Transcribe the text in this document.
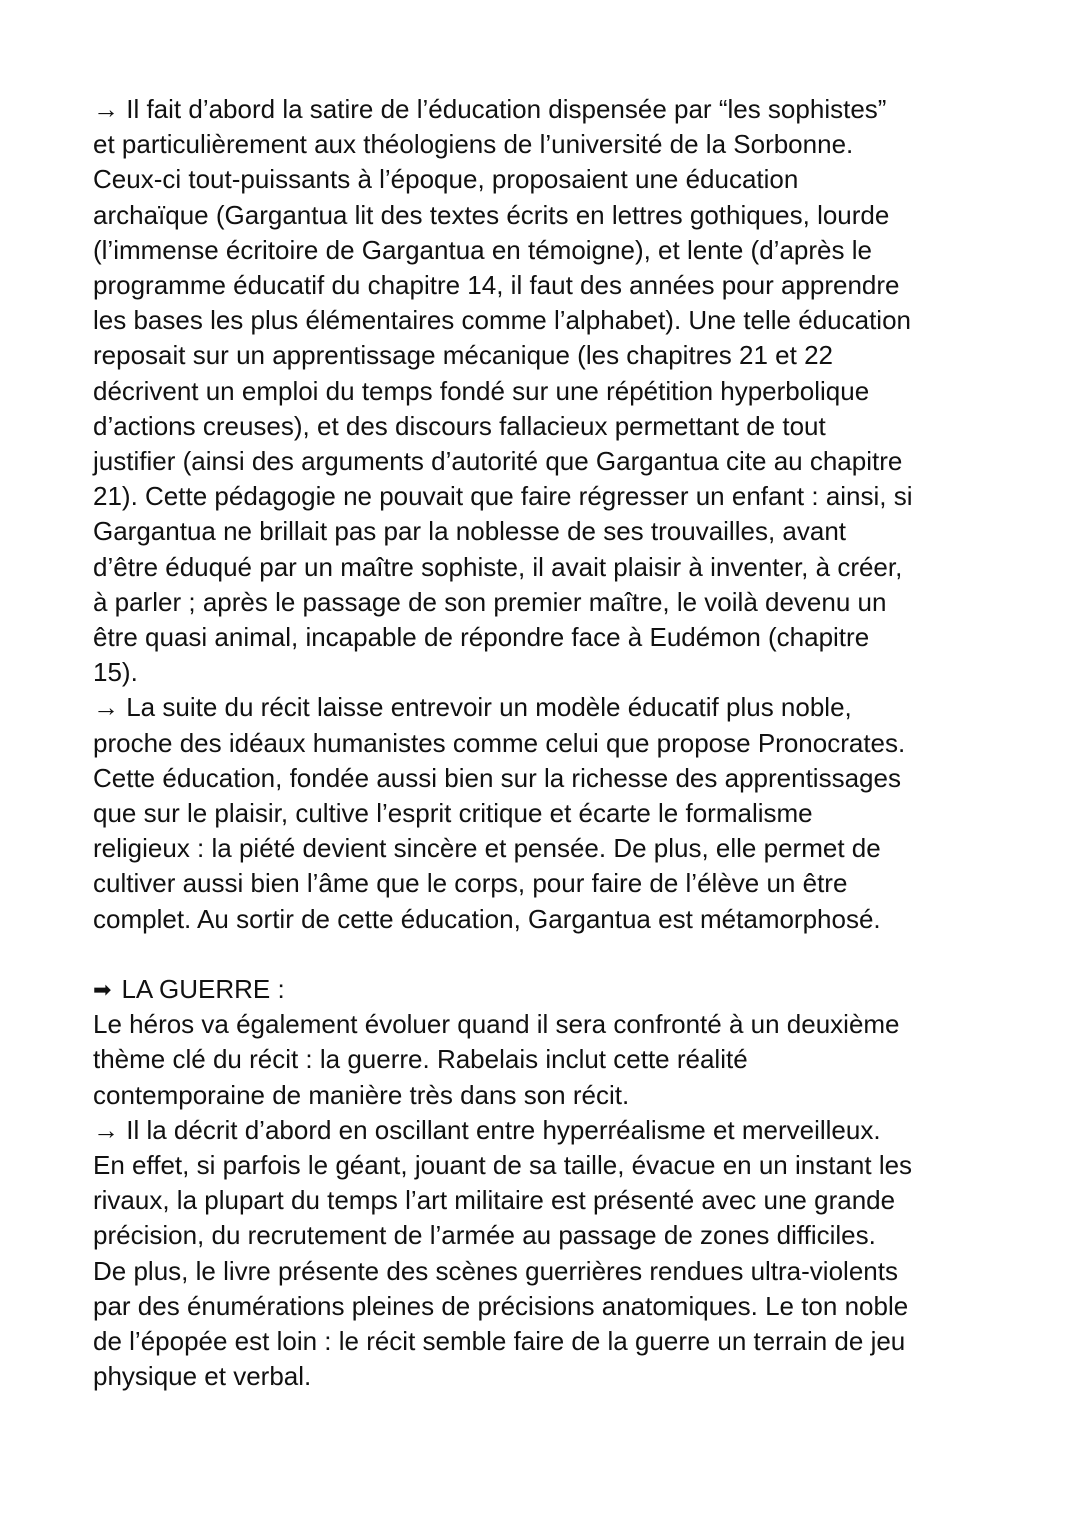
→ Il fait d’abord la satire de l’éducation dispensée par “les sophistes”
et particulièrement aux théologiens de l’université de la Sorbonne.
Ceux-ci tout-puissants à l’époque, proposaient une éducation
archaïque (Gargantua lit des textes écrits en lettres gothiques, lourde
(l’immense écritoire de Gargantua en témoigne), et lente (d’après le
programme éducatif du chapitre 14, il faut des années pour apprendre
les bases les plus élémentaires comme l’alphabet). Une telle éducation
reposait sur un apprentissage mécanique (les chapitres 21 et 22
décrivent un emploi du temps fondé sur une répétition hyperbolique
d’actions creuses), et des discours fallacieux permettant de tout
justifier (ainsi des arguments d’autorité que Gargantua cite au chapitre
21). Cette pédagogie ne pouvait que faire régresser un enfant : ainsi, si
Gargantua ne brillait pas par la noblesse de ses trouvailles, avant
d’être éduqué par un maître sophiste, il avait plaisir à inventer, à créer,
à parler ; après le passage de son premier maître, le voilà devenu un
être quasi animal, incapable de répondre face à Eudémon (chapitre
15).
→ La suite du récit laisse entrevoir un modèle éducatif plus noble,
proche des idéaux humanistes comme celui que propose Pronocrates.
Cette éducation, fondée aussi bien sur la richesse des apprentissages
que sur le plaisir, cultive l’esprit critique et écarte le formalisme
religieux : la piété devient sincère et pensée. De plus, elle permet de
cultiver aussi bien l’âme que le corps, pour faire de l’élève un être
complet. Au sortir de cette éducation, Gargantua est métamorphosé.
➡ LA GUERRE :
Le héros va également évoluer quand il sera confronté à un deuxième
thème clé du récit : la guerre. Rabelais inclut cette réalité
contemporaine de manière très dans son récit.
→ Il la décrit d’abord en oscillant entre hyperréalisme et merveilleux.
En effet, si parfois le géant, jouant de sa taille, évacue en un instant les
rivaux, la plupart du temps l’art militaire est présenté avec une grande
précision, du recrutement de l’armée au passage de zones difficiles.
De plus, le livre présente des scènes guerrières rendues ultra-violents
par des énumérations pleines de précisions anatomiques. Le ton noble
de l’épopée est loin : le récit semble faire de la guerre un terrain de jeu
physique et verbal.
